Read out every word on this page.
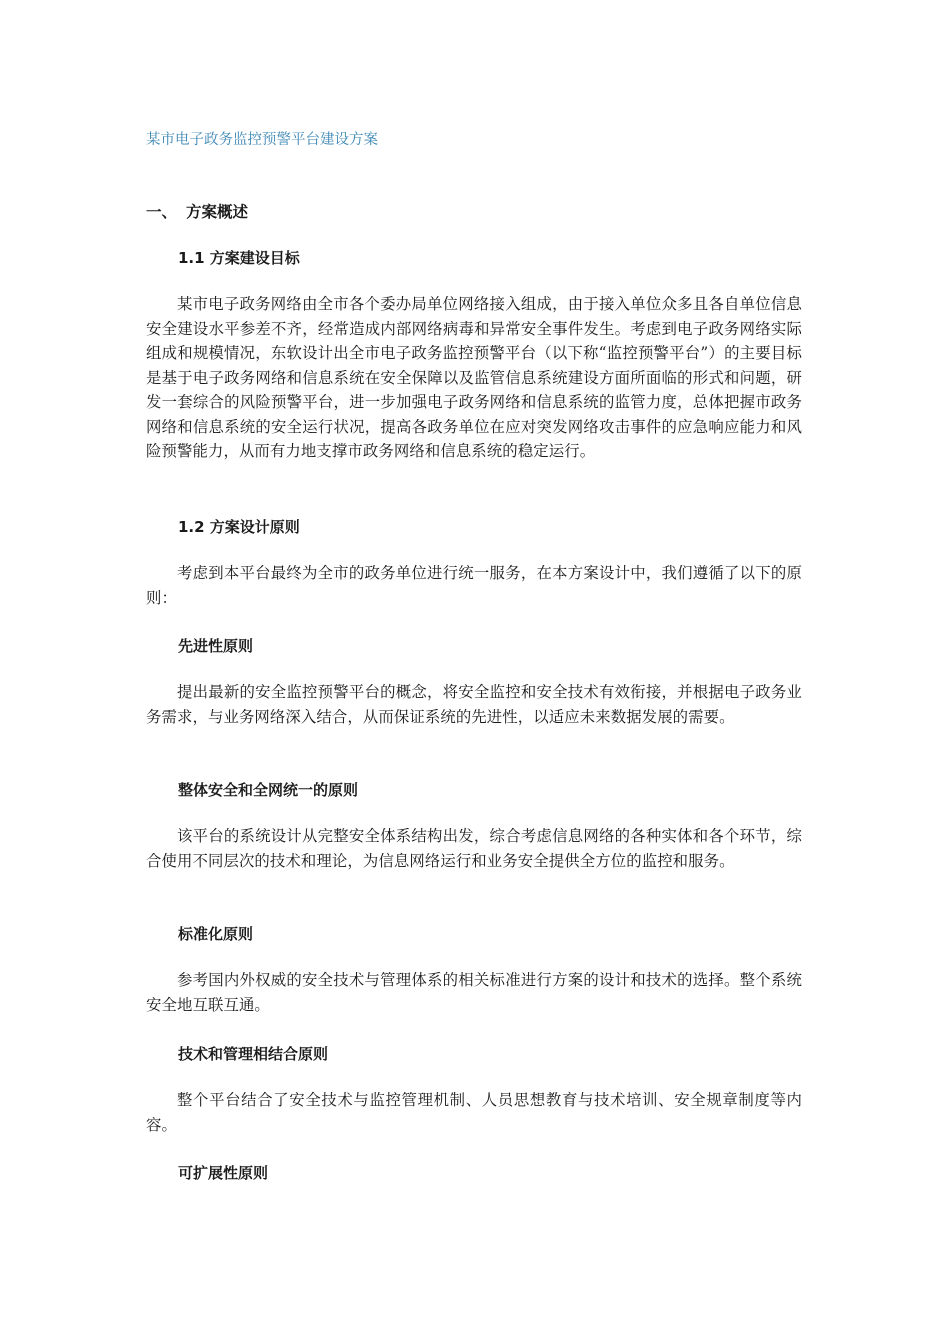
某市电子政务监控预警平台建设方案
一、 方案概述
1.1 方案建设目标
某市电子政务网络由全市各个委办局单位网络接入组成，由于接入单位众多且各自单位信息安全建设水平参差不齐，经常造成内部网络病毒和异常安全事件发生。考虑到电子政务网络实际组成和规模情况，东软设计出全市电子政务监控预警平台（以下称“监控预警平台”）的主要目标是基于电子政务网络和信息系统在安全保障以及监管信息系统建设方面所面临的形式和问题，研发一套综合的风险预警平台，进一步加强电子政务网络和信息系统的监管力度，总体把握市政务网络和信息系统的安全运行状况，提高各政务单位在应对突发网络攻击事件的应急响应能力和风险预警能力，从而有力地支撑市政务网络和信息系统的稳定运行。
1.2 方案设计原则
考虑到本平台最终为全市的政务单位进行统一服务，在本方案设计中，我们遵循了以下的原则：
先进性原则
提出最新的安全监控预警平台的概念，将安全监控和安全技术有效衔接，并根据电子政务业务需求，与业务网络深入结合，从而保证系统的先进性，以适应未来数据发展的需要。
整体安全和全网统一的原则
该平台的系统设计从完整安全体系结构出发，综合考虑信息网络的各种实体和各个环节，综合使用不同层次的技术和理论，为信息网络运行和业务安全提供全方位的监控和服务。
标准化原则
参考国内外权威的安全技术与管理体系的相关标准进行方案的设计和技术的选择。整个系统安全地互联互通。
技术和管理相结合原则
整个平台结合了安全技术与监控管理机制、人员思想教育与技术培训、安全规章制度等内容。
可扩展性原则
